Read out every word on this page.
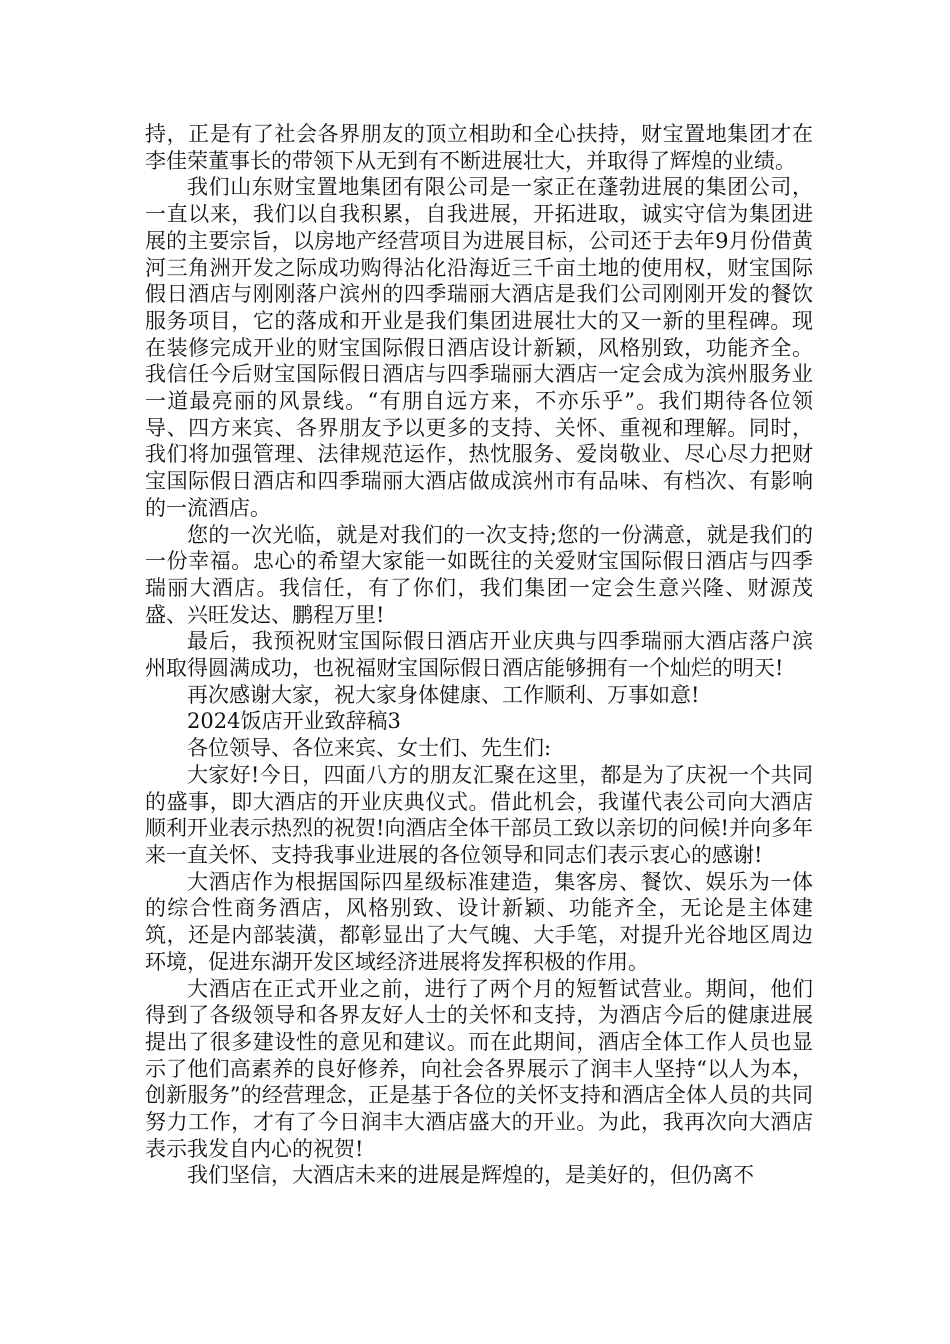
持，正是有了社会各界朋友的顶立相助和全心扶持，财宝置地集团才在李佳荣董事长的带领下从无到有不断进展壮大，并取得了辉煌的业绩。

我们山东财宝置地集团有限公司是一家正在蓬勃进展的集团公司，一直以来，我们以自我积累，自我进展，开拓进取，诚实守信为集团进展的主要宗旨，以房地产经营项目为进展目标，公司还于去年9月份借黄河三角洲开发之际成功购得沾化沿海近三千亩土地的使用权，财宝国际假日酒店与刚刚落户滨州的四季瑞丽大酒店是我们公司刚刚开发的餐饮服务项目，它的落成和开业是我们集团进展壮大的又一新的里程碑。现在装修完成开业的财宝国际假日酒店设计新颖，风格别致，功能齐全。我信任今后财宝国际假日酒店与四季瑞丽大酒店一定会成为滨州服务业一道最亮丽的风景线。“有朋自远方来，不亦乐乎”。我们期待各位领导、四方来宾、各界朋友予以更多的支持、关怀、重视和理解。同时，我们将加强管理、法律规范运作，热忱服务、爱岗敬业、尽心尽力把财宝国际假日酒店和四季瑞丽大酒店做成滨州市有品味、有档次、有影响的一流酒店。

您的一次光临，就是对我们的一次支持;您的一份满意，就是我们的一份幸福。忠心的希望大家能一如既往的关爱财宝国际假日酒店与四季瑞丽大酒店。我信任，有了你们，我们集团一定会生意兴隆、财源茂盛、兴旺发达、鹏程万里!

最后，我预祝财宝国际假日酒店开业庆典与四季瑞丽大酒店落户滨州取得圆满成功，也祝福财宝国际假日酒店能够拥有一个灿烂的明天!

再次感谢大家，祝大家身体健康、工作顺利、万事如意!

2024饭店开业致辞稿3

各位领导、各位来宾、女士们、先生们:

大家好!今日，四面八方的朋友汇聚在这里，都是为了庆祝一个共同的盛事，即大酒店的开业庆典仪式。借此机会，我谨代表公司向大酒店顺利开业表示热烈的祝贺!向酒店全体干部员工致以亲切的问候!并向多年来一直关怀、支持我事业进展的各位领导和同志们表示衷心的感谢!

大酒店作为根据国际四星级标准建造，集客房、餐饮、娱乐为一体的综合性商务酒店，风格别致、设计新颖、功能齐全，无论是主体建筑，还是内部装潢，都彰显出了大气魄、大手笔，对提升光谷地区周边环境，促进东湖开发区域经济进展将发挥积极的作用。

大酒店在正式开业之前，进行了两个月的短暂试营业。期间，他们得到了各级领导和各界友好人士的关怀和支持，为酒店今后的健康进展提出了很多建设性的意见和建议。而在此期间，酒店全体工作人员也显示了他们高素养的良好修养，向社会各界展示了润丰人坚持“以人为本，创新服务”的经营理念，正是基于各位的关怀支持和酒店全体人员的共同努力工作，才有了今日润丰大酒店盛大的开业。为此，我再次向大酒店表示我发自内心的祝贺!

我们坚信，大酒店未来的进展是辉煌的，是美好的，但仍离不
